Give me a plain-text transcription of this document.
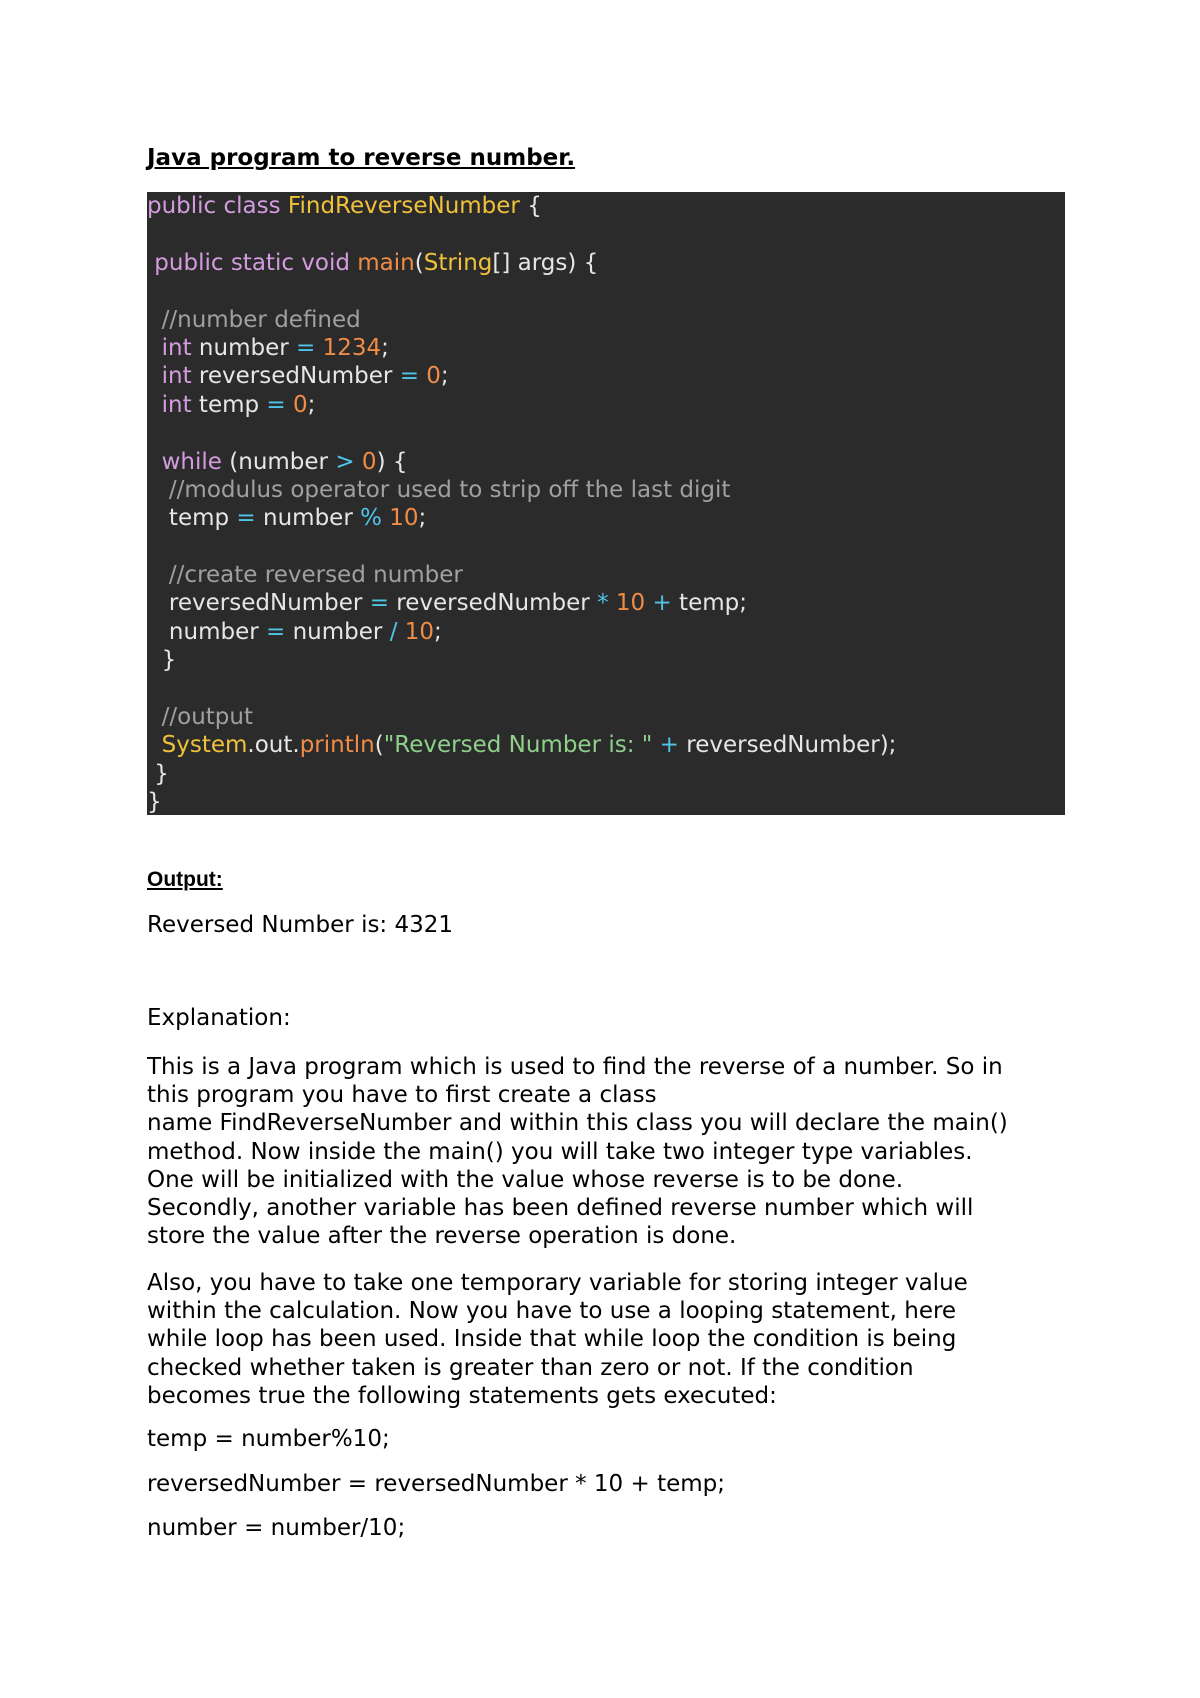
Java program to reverse number.
public class FindReverseNumber {
public static void main(String[] args) {
//number defined
int number = 1234;
int reversedNumber = 0;
int temp = 0;
while (number > 0) {
//modulus operator used to strip off the last digit
temp = number % 10;
//create reversed number
reversedNumber = reversedNumber * 10 + temp;
number = number / 10;
}
//output
System.out.println("Reversed Number is: " + reversedNumber);
}
}

Output:

Reversed Number is: 4321

Explanation:

This is a Java program which is used to find the reverse of a number. So in
this program you have to first create a class
name FindReverseNumber and within this class you will declare the main()
method. Now inside the main() you will take two integer type variables.
One will be initialized with the value whose reverse is to be done.
Secondly, another variable has been defined reverse number which will
store the value after the reverse operation is done.
Also, you have to take one temporary variable for storing integer value
within the calculation. Now you have to use a looping statement, here
while loop has been used. Inside that while loop the condition is being
checked whether taken is greater than zero or not. If the condition
becomes true the following statements gets executed:

temp = number%10;

reversedNumber = reversedNumber * 10 + temp;

number = number/10;
